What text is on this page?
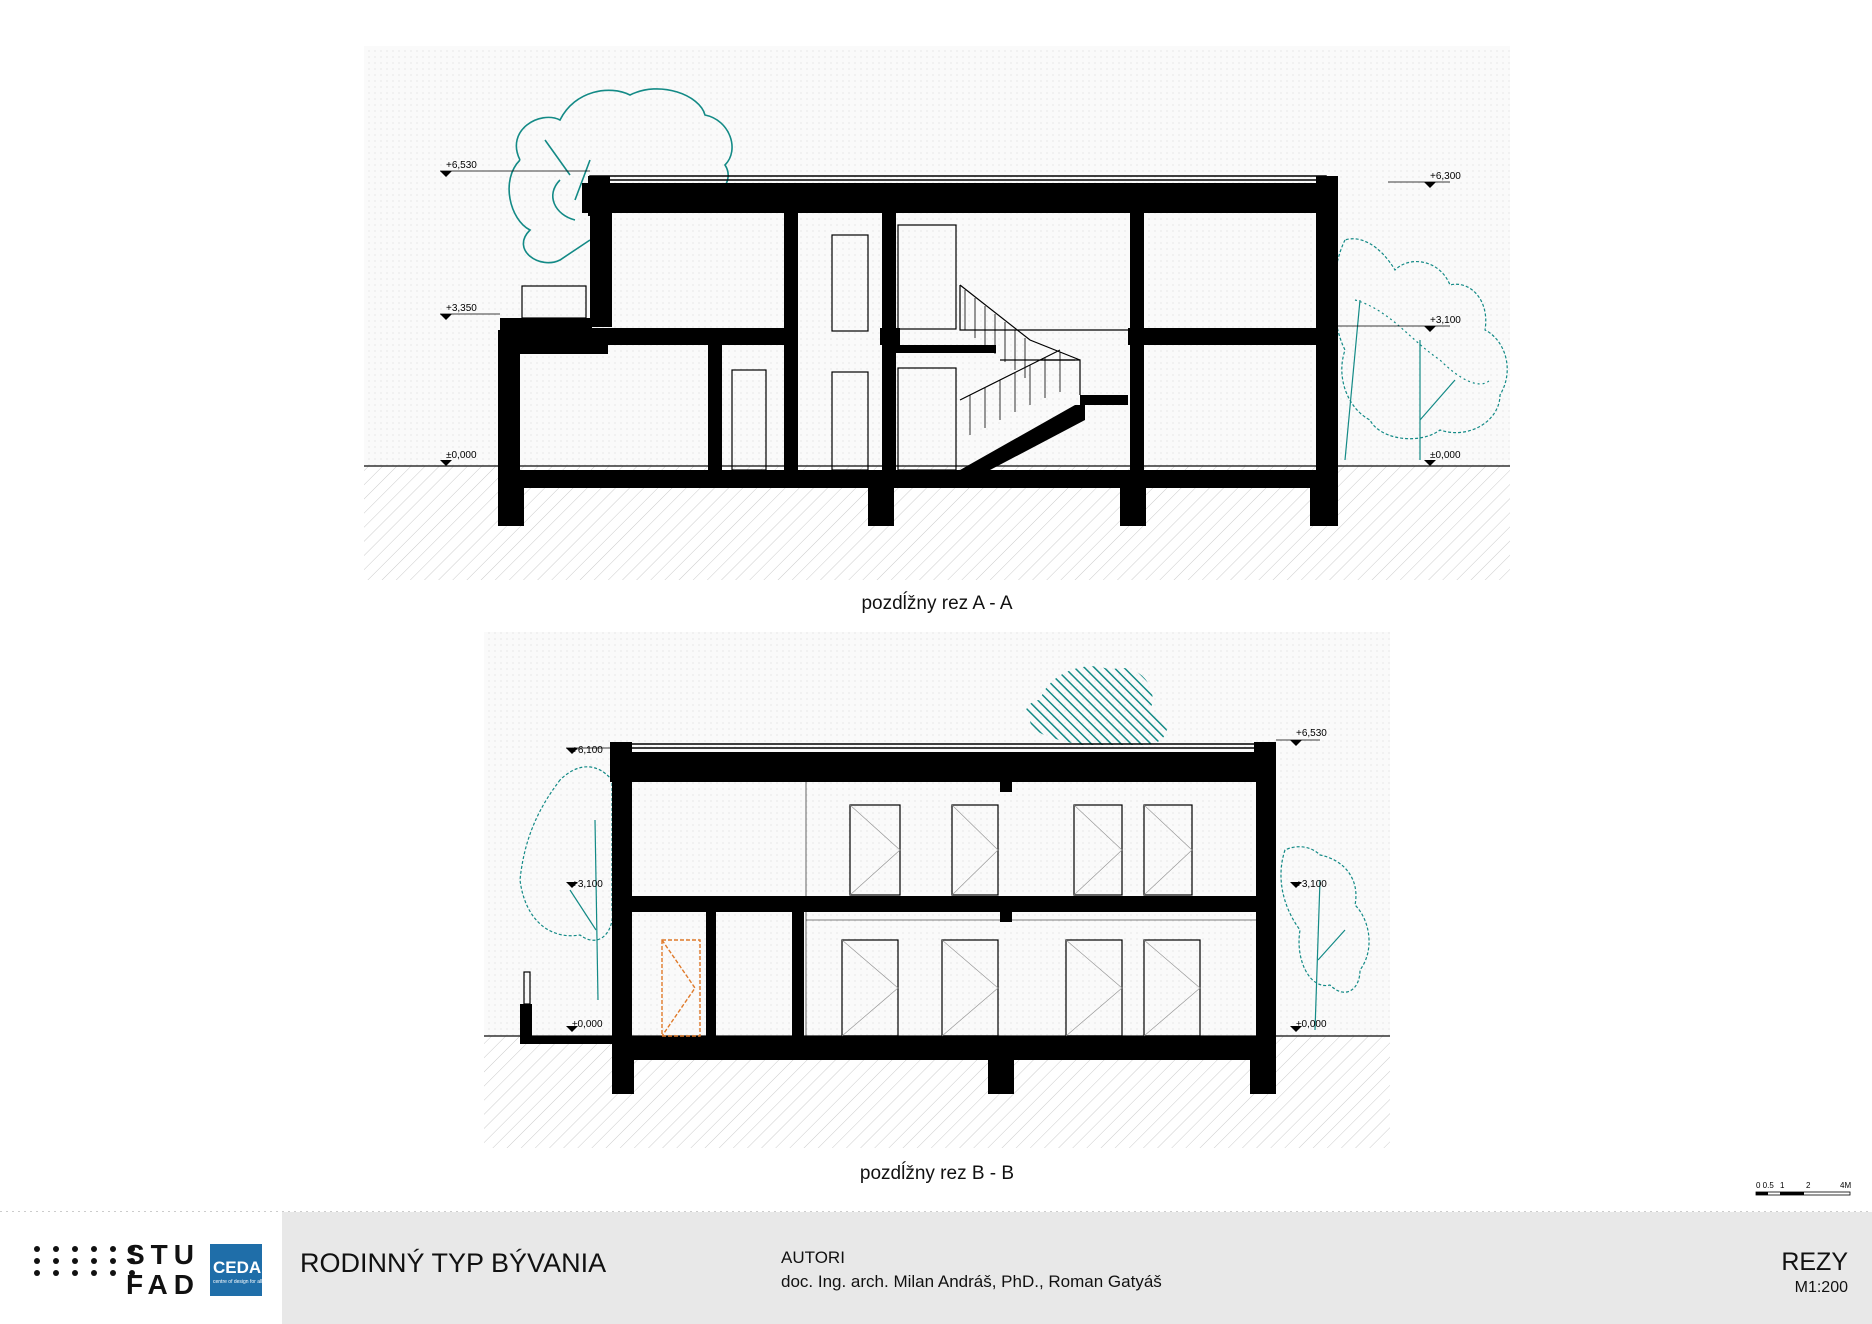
+6,530
+6,300
+3,350
+3,100
±0,000	±0,000
+6,100
+6,530
+3,100	+3,100
±0,000	±0,000
0 0.5 1	2	4M
pozdĺžny rez A - A
pozdĺžny rez B - B
STU
FAD
CEDA
centre of design for all
RODINNÝ TYP BÝVANIA	AUTORI
doc. Ing. arch. Milan Andráš, PhD., Roman Gatyáš
REZY
M1:200
